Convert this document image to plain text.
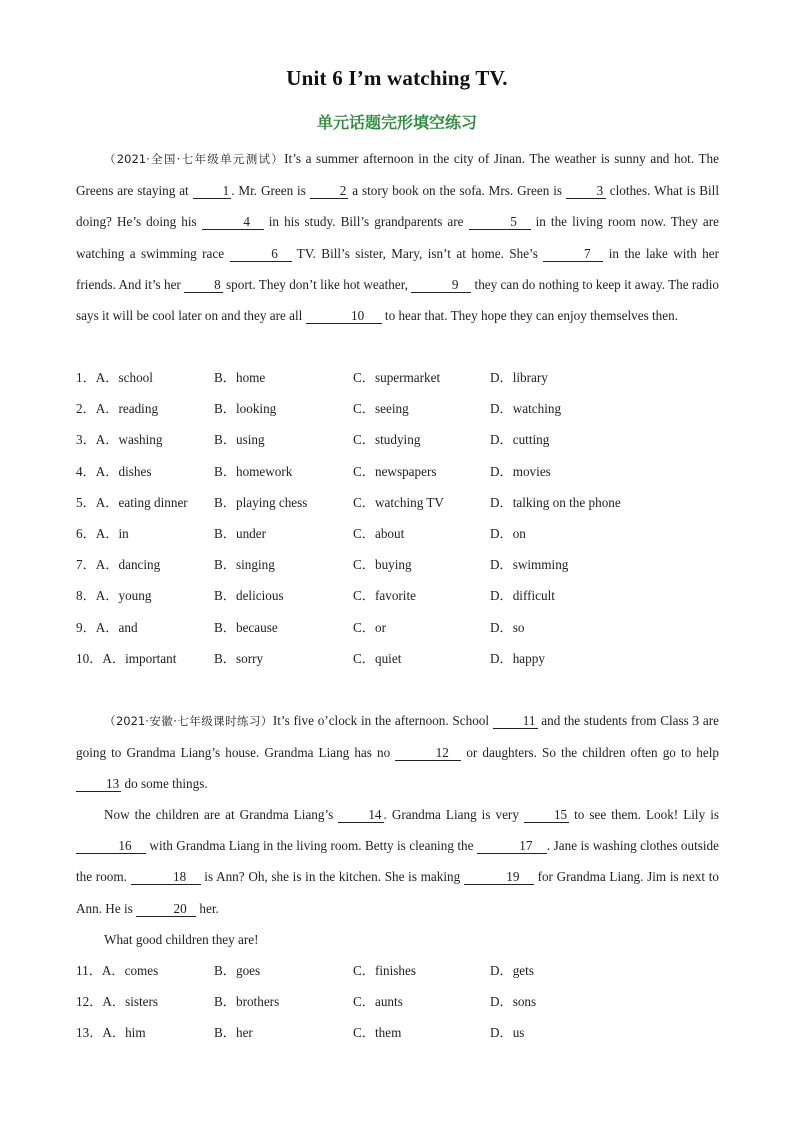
Unit 6 I’m watching TV.
单元话题完形填空练习
（2021·全国·七年级单元测试）It’s a summer afternoon in the city of Jinan. The weather is sunny and hot. The Greens are staying at 1 . Mr. Green is 2 a story book on the sofa. Mrs. Green is 3 clothes. What is Bill doing? He’s doing his	4 in his study. Bill’s grandparents are	5 in the living room now. They are watching a swimming race	6 TV. Bill’s sister, Mary, isn’t at home. She’s	7 in the lake with her friends. And it’s her 8 sport. They don’t like hot weather,	9 they can do nothing to keep it away. The radio says it will be cool later on and they are all	10 to hear that. They hope they can enjoy themselves then.
1．A．school	B．home	C．supermarket	D．library
2．A．reading	B．looking	C．seeing	D．watching
3．A．washing	B．using	C．studying	D．cutting
4．A．dishes	B．homework	C．newspapers	D．movies
5．A．eating dinner B．playing chess	C．watching TV	D．talking on the phone
6．A．in	B．under	C．about	D．on
7．A．dancing	B．singing	C．buying	D．swimming
8．A．young	B．delicious	C．favorite	D．difficult
9．A．and	B．because	C．or	D．so
10．A．important	B．sorry	C．quiet	D．happy
（2021·安徽·七年级课时练习）It’s five o’clock in the afternoon. School 11 and the students from Class 3 are going to Grandma Liang’s house. Grandma Liang has no	12 or daughters. So the children often go to help 13 do some things.
Now the children are at Grandma Liang’s 14 . Grandma Liang is very 15 to see them. Look! Lily is 16 with Grandma Liang in the living room. Betty is cleaning the	17 . Jane is washing clothes outside the room.	18 is Ann? Oh, she is in the kitchen. She is making	19 for Grandma Liang. Jim is next to Ann. He is	20 her.
What good children they are!
11．A．comes	B．goes	C．finishes	D．gets
12．A．sisters	B．brothers	C．aunts	D．sons
13．A．him	B．her	C．them	D．us
